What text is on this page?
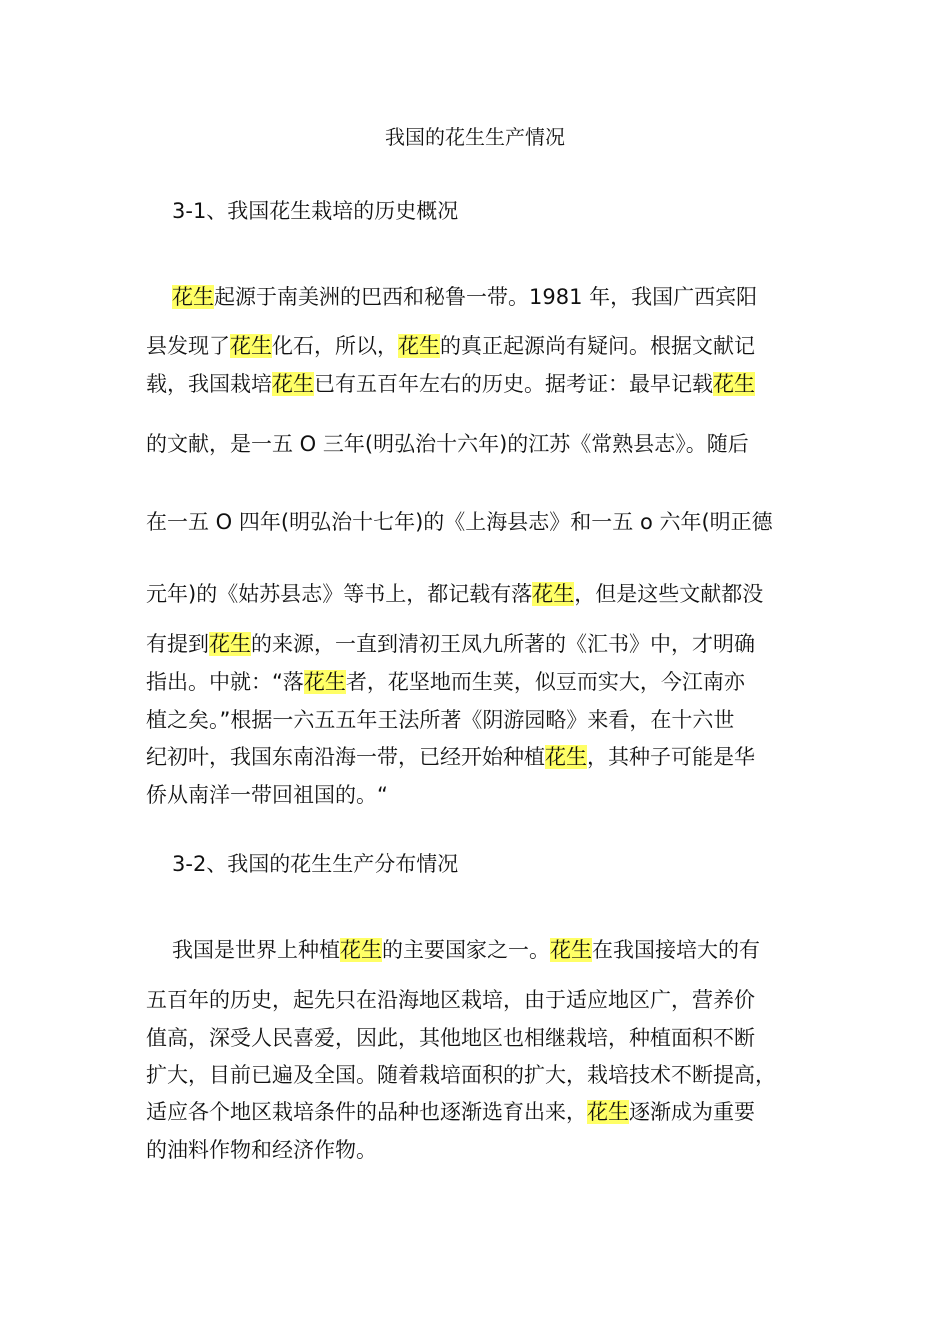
我国的花生生产情况
3-1、我国花生栽培的历史概况
花生起源于南美洲的巴西和秘鲁一带。1981 年，我国广西宾阳
县发现了花生化石，所以，花生的真正起源尚有疑问。根据文献记
载，我国栽培花生已有五百年左右的历史。据考证：最早记载花生
的文献，是一五 O 三年(明弘治十六年)的江苏《常熟县志》。随后
在一五 O 四年(明弘治十七年)的《上海县志》和一五 o 六年(明正德
元年)的《姑苏县志》等书上，都记载有落花生，但是这些文献都没
有提到花生的来源，一直到清初王凤九所著的《汇书》中，才明确
指出。中就：“落花生者，花坚地而生荚，似豆而实大，今江南亦
植之矣。”根据一六五五年王法所著《阴游园略》来看，在十六世
纪初叶，我国东南沿海一带，已经开始种植花生，其种子可能是华
侨从南洋一带回祖国的。“
3-2、我国的花生生产分布情况
我国是世界上种植花生的主要国家之一。花生在我国接培大的有
五百年的历史，起先只在沿海地区栽培，由于适应地区广，营养价
值高，深受人民喜爱，因此，其他地区也相继栽培，种植面积不断
扩大，目前已遍及全国。随着栽培面积的扩大，栽培技术不断提高，
适应各个地区栽培条件的品种也逐渐选育出来，花生逐渐成为重要
的油料作物和经济作物。
